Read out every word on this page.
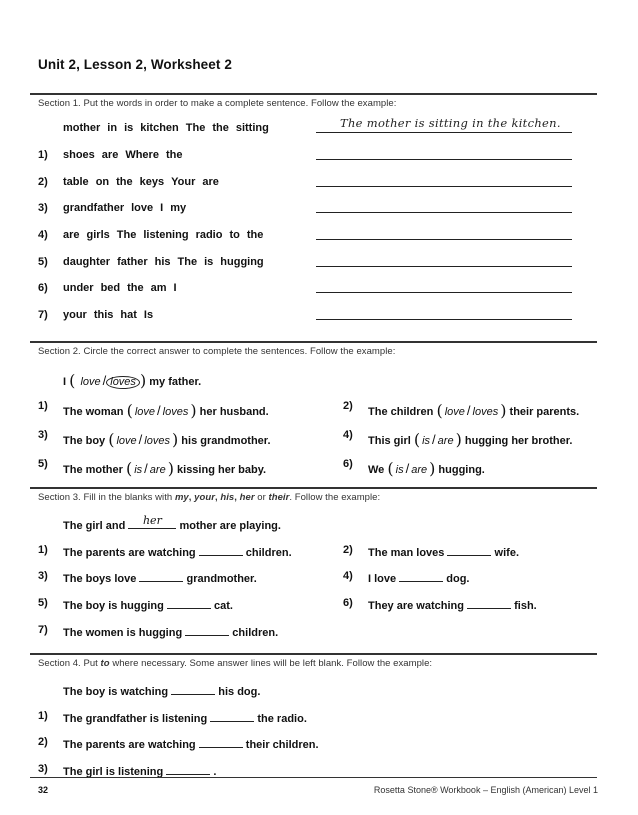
Unit 2, Lesson 2, Worksheet 2
Section 1. Put the words in order to make a complete sentence. Follow the example:
mother in is kitchen The the sitting	The mother is sitting in the kitchen.
1) shoes are Where the
2) table on the keys Your are
3) grandfather love I my
4) are girls The listening radio to the
5) daughter father his The is hugging
6) under bed the am I
7) your this hat Is
Section 2. Circle the correct answer to complete the sentences. Follow the example:
I ( love / loves ) my father.
1) The woman ( love / loves ) her husband.
3) The boy ( love / loves ) his grandmother.
5) The mother ( is / are ) kissing her baby.
2) The children ( love / loves ) their parents.
4) This girl ( is / are ) hugging her brother.
6) We ( is / are ) hugging.
Section 3. Fill in the blanks with my, your, his, her or their. Follow the example:
The girl and	her	mother are playing.
1) The parents are watching	children.
3) The boys love	grandmother.
5) The boy is hugging	cat.
7) The women is hugging	children.
2) The man loves	wife.
4) I love	dog.
6) They are watching	fish.
Section 4. Put to where necessary. Some answer lines will be left blank. Follow the example:
The boy is watching	his dog.
1) The grandfather is listening	the radio.
2) The parents are watching	their children.
3) The girl is listening	.
32	Rosetta Stone® Workbook – English (American) Level 1
